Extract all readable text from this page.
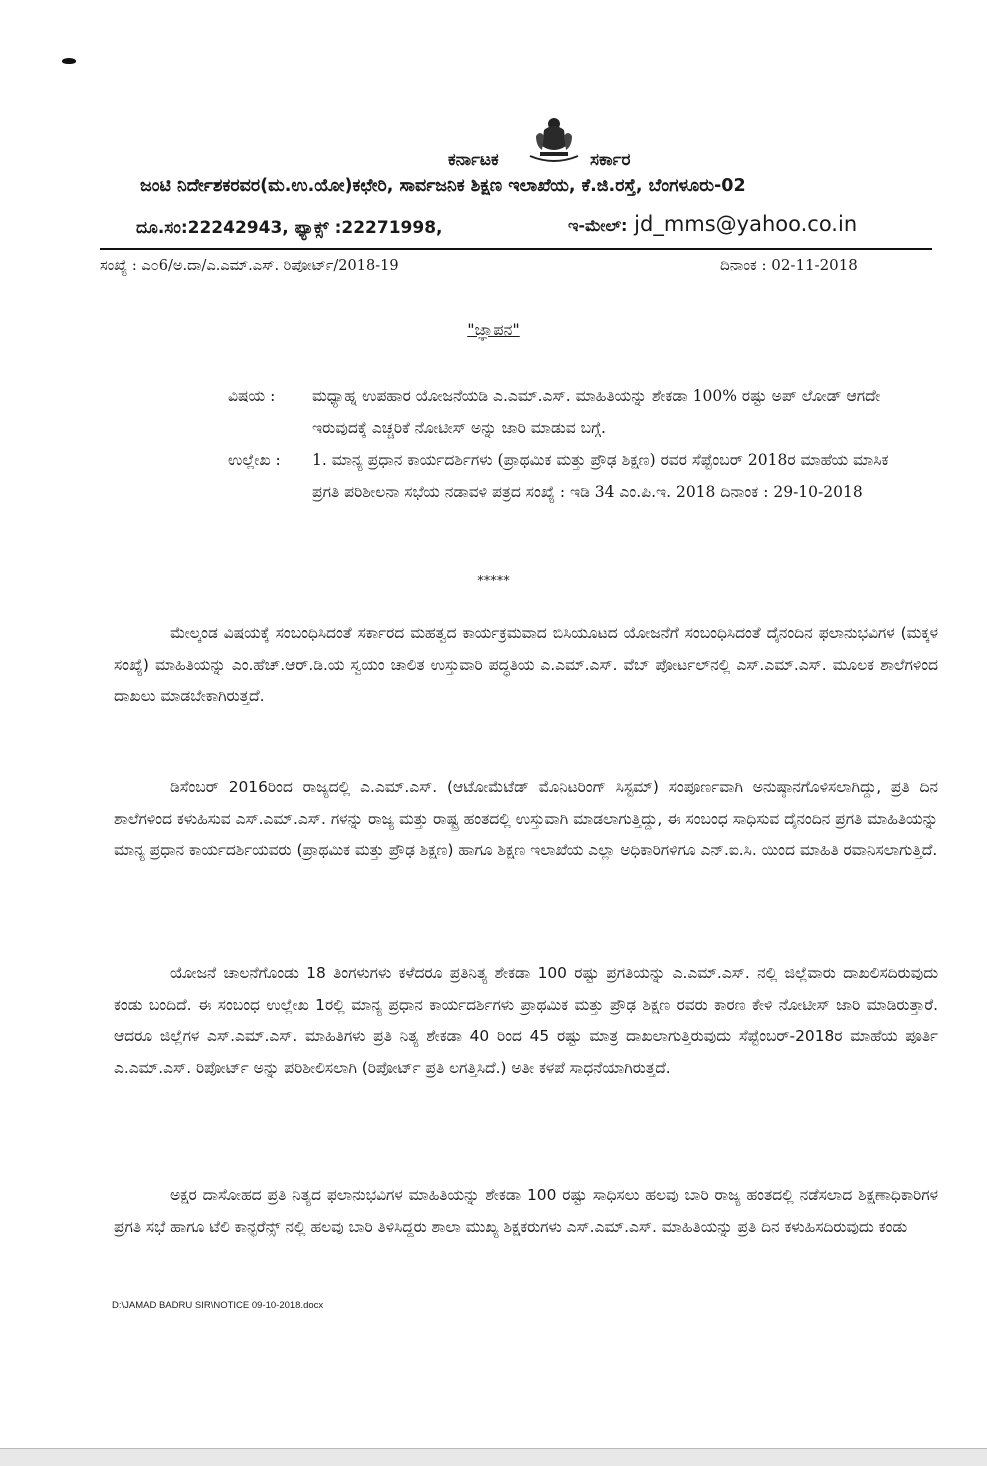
ಕರ್ನಾಟಕ	ಸರ್ಕಾರ
ಜಂಟಿ ನಿರ್ದೇಶಕರವರ(ಮ.ಉ.ಯೋ)ಕಛೇರಿ, ಸಾರ್ವಜನಿಕ ಶಿಕ್ಷಣ ಇಲಾಖೆಯ, ಕೆ.ಜಿ.ರಸ್ತೆ, ಬೆಂಗಳೂರು-02
ದೂ.ಸಂ:22242943, ಫ್ಯಾಕ್ಸ್ :22271998,	ಇ-ಮೇಲ್: jd_mms@yahoo.co.in
ಸಂಖ್ಯೆ : ಎ೦6/ಅ.ದಾ/ಎ.ಎಮ್.ಎಸ್. ರಿಪೋರ್ಟ್/2018-19	ದಿನಾಂಕ : 02-11-2018
"ಜ್ಞಾಪನ"
ವಿಷಯ :	ಮಧ್ಯಾಹ್ನ ಉಪಹಾರ ಯೋಜನೆಯಡಿ ಎ.ಎಮ್.ಎಸ್. ಮಾಹಿತಿಯನ್ನು ಶೇಕಡಾ 100% ರಷ್ಟು ಅಪ್ ಲೋಡ್ ಆಗದೇ ಇರುವುದಕ್ಕೆ ಎಚ್ಚರಿಕೆ ನೋಟೀಸ್ ಅನ್ನು ಜಾರಿ ಮಾಡುವ ಬಗ್ಗೆ.
ಉಲ್ಲೇಖ :	1. ಮಾನ್ಯ ಪ್ರಧಾನ ಕಾರ್ಯದರ್ಶಿಗಳು (ಪ್ರಾಥಮಿಕ ಮತ್ತು ಪ್ರೌಢ ಶಿಕ್ಷಣ) ರವರ ಸೆಪ್ಟೆಂಬರ್ 2018ರ ಮಾಹೆಯ ಮಾಸಿಕ ಪ್ರಗತಿ ಪರಿಶೀಲನಾ ಸಭೆಯ ನಡಾವಳಿ ಪತ್ರದ ಸಂಖ್ಯೆ : ಇಡಿ 34 ಎಂ.ಪಿ.ಇ. 2018 ದಿನಾಂಕ : 29-10-2018
*****
ಮೇಲ್ಕಂಡ ವಿಷಯಕ್ಕೆ ಸಂಬಂಧಿಸಿದಂತೆ ಸರ್ಕಾರದ ಮಹತ್ವದ ಕಾರ್ಯಕ್ರಮವಾದ ಬಿಸಿಯೂಟದ ಯೋಜನೆಗೆ ಸಂಬಂಧಿಸಿದಂತೆ ದೈನಂದಿನ ಫಲಾನುಭವಿಗಳ (ಮಕ್ಕಳ ಸಂಖ್ಯೆ) ಮಾಹಿತಿಯನ್ನು ಎಂ.ಹೆಚ್.ಆರ್.ಡಿ.ಯ ಸ್ವಯಂ ಚಾಲಿತ ಉಸ್ತುವಾರಿ ಪದ್ಧತಿಯ ಎ.ಎಮ್.ಎಸ್. ವೆಬ್ ಪೋರ್ಟಲ್‌ನಲ್ಲಿ ಎಸ್.ಎಮ್.ಎಸ್. ಮೂಲಕ ಶಾಲೆಗಳಿಂದ ದಾಖಲು ಮಾಡಬೇಕಾಗಿರುತ್ತದೆ.
ಡಿಸೆಂಬರ್ 2016ರಿಂದ ರಾಜ್ಯದಲ್ಲಿ ಎ.ಎಮ್.ಎಸ್. (ಆಟೋಮೆಟೆಡ್ ಮೊನಿಟರಿಂಗ್ ಸಿಸ್ಟಮ್) ಸಂಪೂರ್ಣವಾಗಿ ಅನುಷ್ಠಾನಗೊಳಿಸಲಾಗಿದ್ದು, ಪ್ರತಿ ದಿನ ಶಾಲೆಗಳಿಂದ ಕಳುಹಿಸುವ ಎಸ್.ಎಮ್.ಎಸ್. ಗಳನ್ನು ರಾಜ್ಯ ಮತ್ತು ರಾಷ್ಟ್ರ ಹಂತದಲ್ಲಿ ಉಸ್ತುವಾಗಿ ಮಾಡಲಾಗುತ್ತಿದ್ದು, ಈ ಸಂಬಂಧ ಸಾಧಿಸುವ ದೈನಂದಿನ ಪ್ರಗತಿ ಮಾಹಿತಿಯನ್ನು ಮಾನ್ಯ ಪ್ರಧಾನ ಕಾರ್ಯದರ್ಶಿಯವರು (ಪ್ರಾಥಮಿಕ ಮತ್ತು ಪ್ರೌಢ ಶಿಕ್ಷಣ) ಹಾಗೂ ಶಿಕ್ಷಣ ಇಲಾಖೆಯ ಎಲ್ಲಾ ಅಧಿಕಾರಿಗಳಿಗೂ ಎನ್.ಐ.ಸಿ. ಯಿಂದ ಮಾಹಿತಿ ರವಾನಿಸಲಾಗುತ್ತಿದೆ.
ಯೋಜನೆ ಚಾಲನೆಗೊಂಡು 18 ತಿಂಗಳುಗಳು ಕಳೆದರೂ ಪ್ರತಿನಿತ್ಯ ಶೇಕಡಾ 100 ರಷ್ಟು ಪ್ರಗತಿಯನ್ನು ಎ.ಎಮ್.ಎಸ್. ನಲ್ಲಿ ಜಿಲ್ಲೆವಾರು ದಾಖಲಿಸದಿರುವುದು ಕಂಡು ಬಂದಿದೆ. ಈ ಸಂಬಂಧ ಉಲ್ಲೇಖ 1ರಲ್ಲಿ ಮಾನ್ಯ ಪ್ರಧಾನ ಕಾರ್ಯದರ್ಶಿಗಳು ಪ್ರಾಥಮಿಕ ಮತ್ತು ಪ್ರೌಢ ಶಿಕ್ಷಣ ರವರು ಕಾರಣ ಕೇಳಿ ನೋಟೀಸ್ ಜಾರಿ ಮಾಡಿರುತ್ತಾರೆ. ಆದರೂ ಜಿಲ್ಲೆಗಳ ಎಸ್.ಎಮ್.ಎಸ್. ಮಾಹಿತಿಗಳು ಪ್ರತಿ ನಿತ್ಯ ಶೇಕಡಾ 40 ರಿಂದ 45 ರಷ್ಟು ಮಾತ್ರ ದಾಖಲಾಗುತ್ತಿರುವುದು ಸೆಪ್ಟೆಂಬರ್-2018ರ ಮಾಹೆಯ ಪೂರ್ತಿ ಎ.ಎಮ್.ಎಸ್. ರಿಪೋರ್ಟ್ ಅನ್ನು ಪರಿಶೀಲಿಸಲಾಗಿ (ರಿಪೋರ್ಟ್ ಪ್ರತಿ ಲಗತ್ತಿಸಿದೆ.) ಅತೀ ಕಳಪೆ ಸಾಧನೆಯಾಗಿರುತ್ತದೆ.
ಅಕ್ಷರ ದಾಸೋಹದ ಪ್ರತಿ ನಿತ್ಯದ ಫಲಾನುಭವಿಗಳ ಮಾಹಿತಿಯನ್ನು ಶೇಕಡಾ 100 ರಷ್ಟು ಸಾಧಿಸಲು ಹಲವು ಬಾರಿ ರಾಜ್ಯ ಹಂತದಲ್ಲಿ ನಡೆಸಲಾದ ಶಿಕ್ಷಣಾಧಿಕಾರಿಗಳ ಪ್ರಗತಿ ಸಭೆ ಹಾಗೂ ಟೆಲಿ ಕಾನ್ಫರೆನ್ಸ್ ನಲ್ಲಿ ಹಲವು ಬಾರಿ ತಿಳಿಸಿದ್ದರು ಶಾಲಾ ಮುಖ್ಯ ಶಿಕ್ಷಕರುಗಳು ಎಸ್.ಎಮ್.ಎಸ್. ಮಾಹಿತಿಯನ್ನು ಪ್ರತಿ ದಿನ ಕಳುಹಿಸದಿರುವುದು ಕಂಡು
D:\JAMAD BADRU SIR\NOTICE 09-10-2018.docx
